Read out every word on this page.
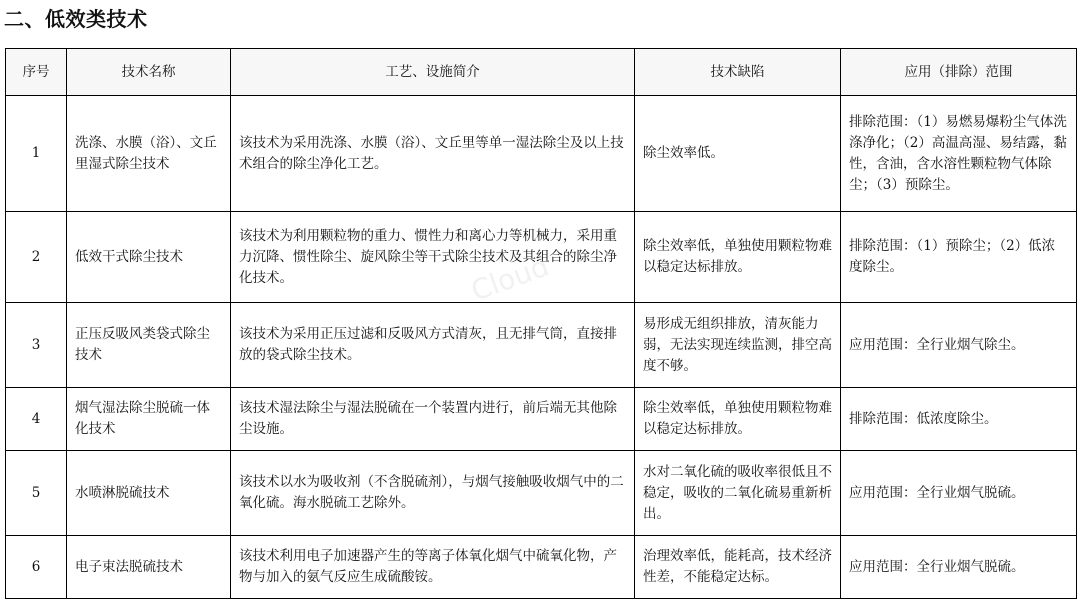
二、低效类技术
Cloud
序号	技术名称	工艺、设施简介	技术缺陷	应用（排除）范围
1	洗涤、水膜（浴）、文丘里湿式除尘技术	该技术为采用洗涤、水膜（浴）、文丘里等单一湿法除尘及以上技术组合的除尘净化工艺。	除尘效率低。	排除范围：（1）易燃易爆粉尘气体洗涤净化；（2）高温高湿、易结露，黏性，含油，含水溶性颗粒物气体除尘；（3）预除尘。
2	低效干式除尘技术	该技术为利用颗粒物的重力、惯性力和离心力等机械力，采用重力沉降、惯性除尘、旋风除尘等干式除尘技术及其组合的除尘净化技术。	除尘效率低，单独使用颗粒物难以稳定达标排放。	排除范围：（1）预除尘；（2）低浓度除尘。
3	正压反吸风类袋式除尘技术	该技术为采用正压过滤和反吸风方式清灰，且无排气筒，直接排放的袋式除尘技术。	易形成无组织排放，清灰能力弱，无法实现连续监测，排空高度不够。	应用范围：全行业烟气除尘。
4	烟气湿法除尘脱硫一体化技术	该技术湿法除尘与湿法脱硫在一个装置内进行，前后端无其他除尘设施。	除尘效率低，单独使用颗粒物难以稳定达标排放。	排除范围：低浓度除尘。
5	水喷淋脱硫技术	该技术以水为吸收剂（不含脱硫剂），与烟气接触吸收烟气中的二氧化硫。海水脱硫工艺除外。	水对二氧化硫的吸收率很低且不稳定，吸收的二氧化硫易重新析出。	应用范围：全行业烟气脱硫。
6	电子束法脱硫技术	该技术利用电子加速器产生的等离子体氧化烟气中硫氧化物，产物与加入的氨气反应生成硫酸铵。	治理效率低，能耗高，技术经济性差，不能稳定达标。	应用范围：全行业烟气脱硫。
